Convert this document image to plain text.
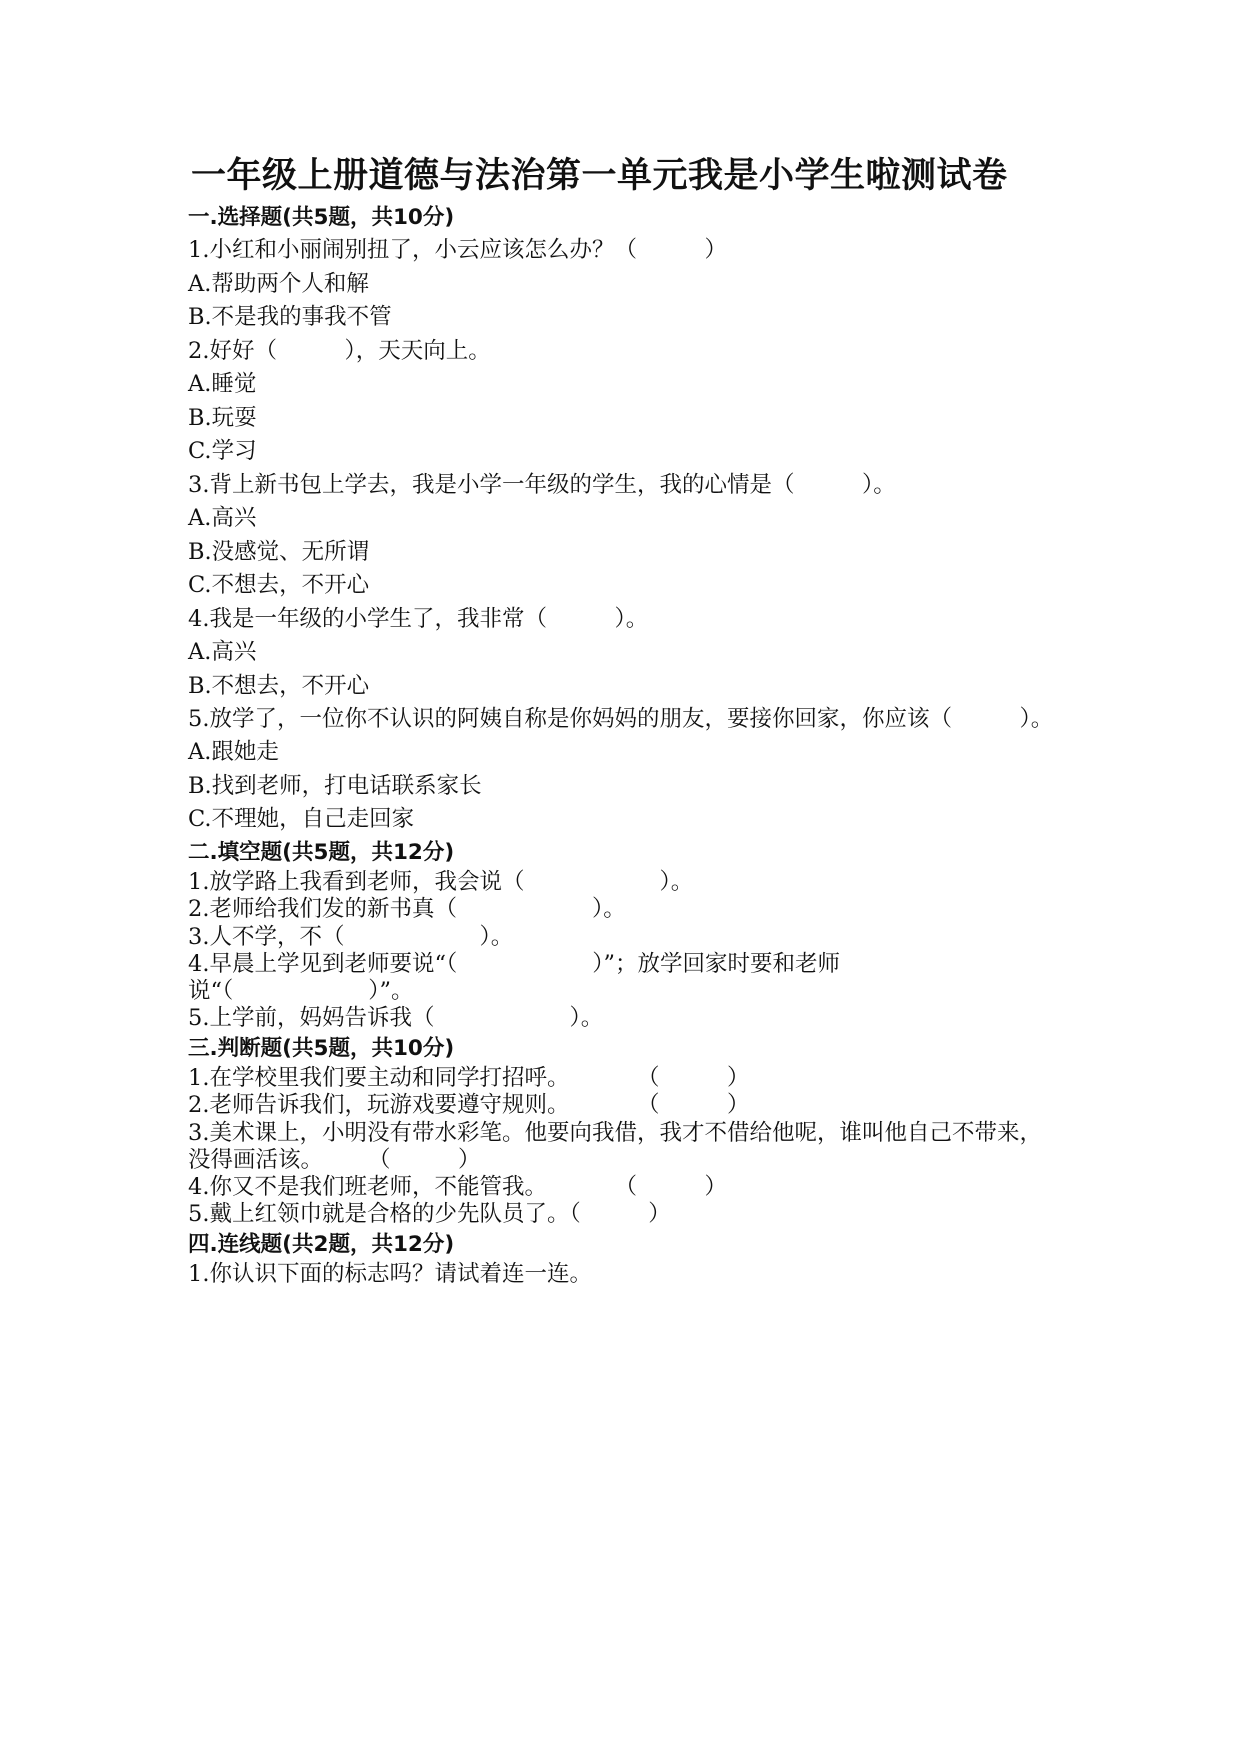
一年级上册道德与法治第一单元我是小学生啦测试卷
一.选择题(共5题，共10分)
1.小红和小丽闹别扭了，小云应该怎么办？（　　　）
A.帮助两个人和解
B.不是我的事我不管
2.好好（　　　），天天向上。
A.睡觉
B.玩耍
C.学习
3.背上新书包上学去，我是小学一年级的学生，我的心情是（　　　）。
A.高兴
B.没感觉、无所谓
C.不想去，不开心
4.我是一年级的小学生了，我非常（　　　）。
A.高兴
B.不想去，不开心
5.放学了，一位你不认识的阿姨自称是你妈妈的朋友，要接你回家，你应该（　　　）。
A.跟她走
B.找到老师，打电话联系家长
C.不理她，自己走回家
二.填空题(共5题，共12分)
1.放学路上我看到老师，我会说（　　　　　　）。
2.老师给我们发的新书真（　　　　　　）。
3.人不学，不（　　　　　　）。
4.早晨上学见到老师要说“（　　　　　　）”；放学回家时要和老师说“（　　　　　　）”。
5.上学前，妈妈告诉我（　　　　　　）。
三.判断题(共5题，共10分)
1.在学校里我们要主动和同学打招呼。　　　　（　　　）
2.老师告诉我们，玩游戏要遵守规则。　　　　（　　　）
3.美术课上，小明没有带水彩笔。他要向我借，我才不借给他呢，谁叫他自己不带来，没得画活该。　　　（　　　）
4.你又不是我们班老师，不能管我。　　　　（　　　）
5.戴上红领巾就是合格的少先队员了。（　　　）
四.连线题(共2题，共12分)
1.你认识下面的标志吗？请试着连一连。
